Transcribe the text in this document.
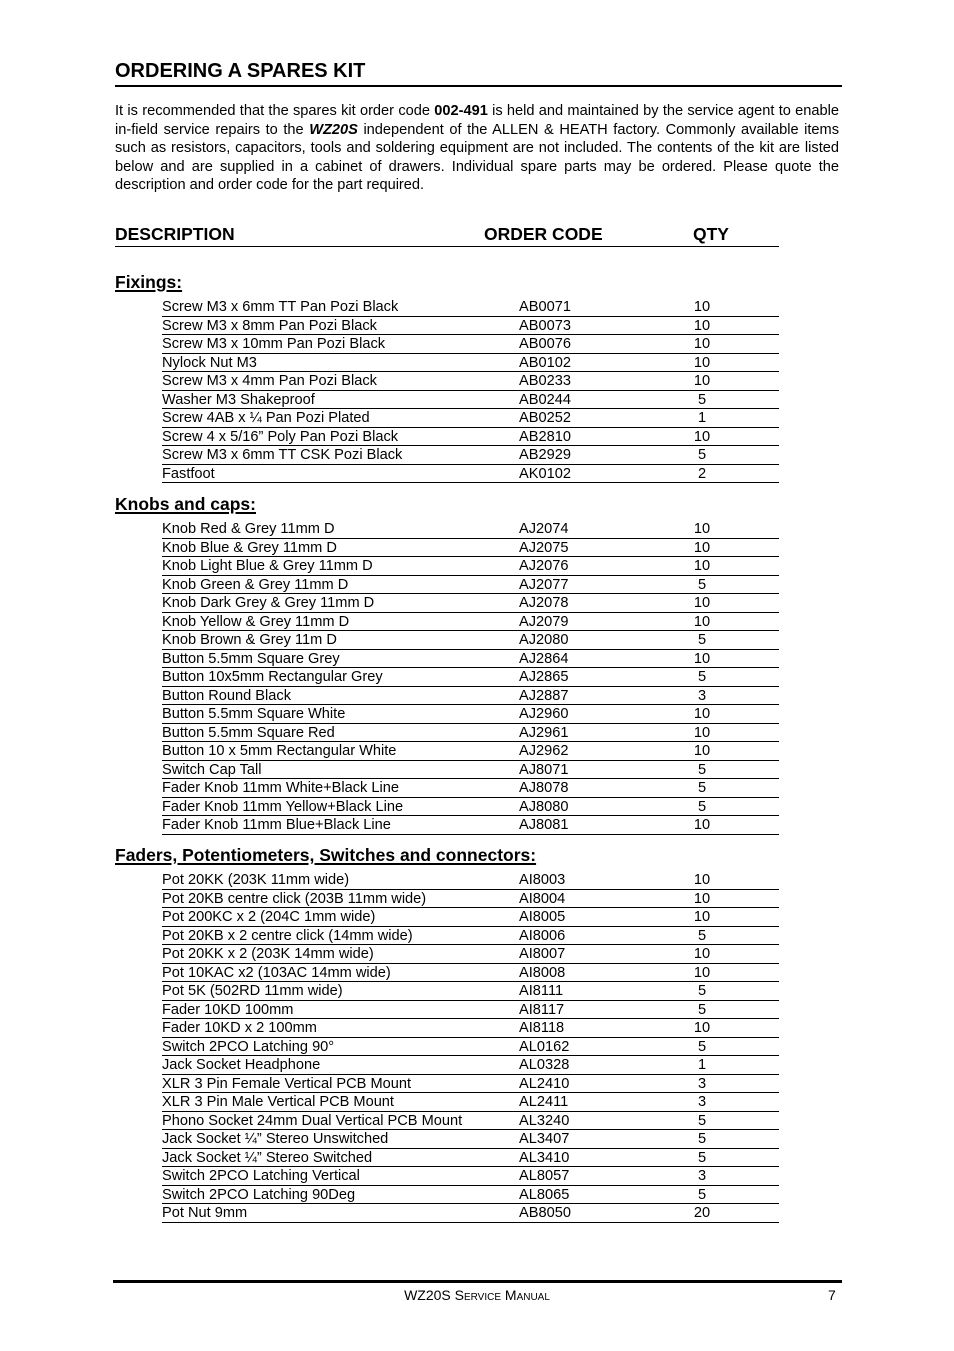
ORDERING A SPARES KIT
It is recommended that the spares kit order code 002-491 is held and maintained by the service agent to enable in-field service repairs to the WZ20S independent of the ALLEN & HEATH factory. Commonly available items such as resistors, capacitors, tools and soldering equipment are not included. The contents of the kit are listed below and are supplied in a cabinet of drawers. Individual spare parts may be ordered. Please quote the description and order code for the part required.
DESCRIPTION	ORDER CODE	QTY
Fixings:
Screw M3 x 6mm TT Pan Pozi Black	AB0071	10
Screw M3 x 8mm Pan Pozi Black	AB0073	10
Screw M3 x 10mm Pan Pozi Black	AB0076	10
Nylock Nut M3	AB0102	10
Screw M3 x 4mm Pan Pozi Black	AB0233	10
Washer M3 Shakeproof	AB0244	5
Screw 4AB x ¼ Pan Pozi Plated	AB0252	1
Screw 4 x 5/16” Poly Pan Pozi Black	AB2810	10
Screw M3 x 6mm TT CSK Pozi Black	AB2929	5
Fastfoot	AK0102	2
Knobs and caps:
Knob Red & Grey 11mm D	AJ2074	10
Knob Blue & Grey 11mm D	AJ2075	10
Knob Light Blue & Grey 11mm D	AJ2076	10
Knob Green & Grey 11mm D	AJ2077	5
Knob Dark Grey & Grey 11mm D	AJ2078	10
Knob Yellow & Grey 11mm D	AJ2079	10
Knob Brown & Grey 11m D	AJ2080	5
Button 5.5mm Square Grey	AJ2864	10
Button 10x5mm Rectangular Grey	AJ2865	5
Button Round Black	AJ2887	3
Button 5.5mm Square White	AJ2960	10
Button 5.5mm Square Red	AJ2961	10
Button 10 x 5mm Rectangular White	AJ2962	10
Switch Cap Tall	AJ8071	5
Fader Knob 11mm White+Black Line	AJ8078	5
Fader Knob 11mm Yellow+Black Line	AJ8080	5
Fader Knob 11mm Blue+Black Line	AJ8081	10
Faders, Potentiometers, Switches and connectors:
Pot 20KK (203K 11mm wide)	AI8003	10
Pot 20KB centre click (203B 11mm wide)	AI8004	10
Pot 200KC x 2 (204C 1mm wide)	AI8005	10
Pot 20KB x 2 centre click (14mm wide)	AI8006	5
Pot 20KK x 2 (203K 14mm wide)	AI8007	10
Pot 10KAC x2 (103AC 14mm wide)	AI8008	10
Pot 5K (502RD 11mm wide)	AI8111	5
Fader 10KD 100mm	AI8117	5
Fader 10KD x 2 100mm	AI8118	10
Switch 2PCO Latching 90°	AL0162	5
Jack Socket Headphone	AL0328	1
XLR 3 Pin Female Vertical PCB Mount	AL2410	3
XLR 3 Pin Male Vertical PCB Mount	AL2411	3
Phono Socket 24mm Dual Vertical PCB Mount	AL3240	5
Jack Socket ¼” Stereo Unswitched	AL3407	5
Jack Socket ¼” Stereo Switched	AL3410	5
Switch 2PCO Latching Vertical	AL8057	3
Switch 2PCO Latching 90Deg	AL8065	5
Pot Nut 9mm	AB8050	20
WZ20S Service Manual	7
